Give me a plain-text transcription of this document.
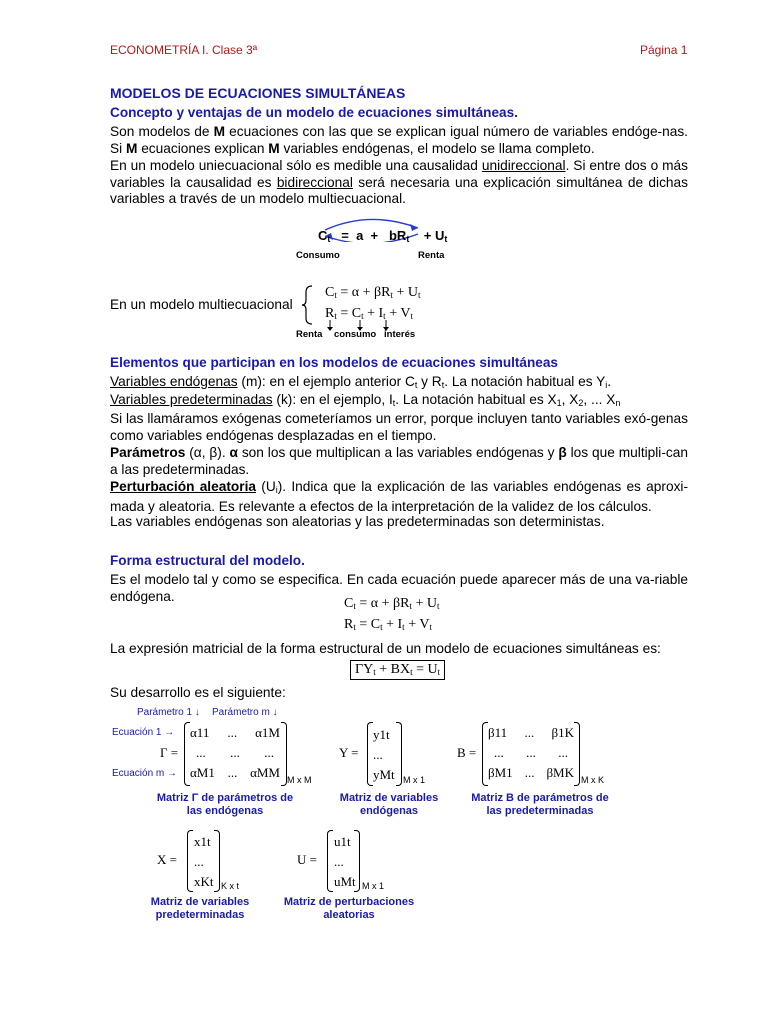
ECONOMETRÍA I. Clase 3ª	Página 1
MODELOS DE ECUACIONES SIMULTÁNEAS
Concepto y ventajas de un modelo de ecuaciones simultáneas.
Son modelos de M ecuaciones con las que se explican igual número de variables endóge-nas. Si M ecuaciones explican M variables endógenas, el modelo se llama completo.
En un modelo uniecuacional sólo es medible una causalidad unidireccional. Si entre dos o más variables la causalidad es bidireccional será necesaria una explicación simultánea de dichas variables a través de un modelo multiecuacional.
$C_t = a + bR_t + U_t$
Consumo	Renta
En un modelo multiecuacional
$C_t = \alpha + \beta R_t + U_t$
$R_t = C_t + I_t + V_t$
Renta consumo interés
Elementos que participan en los modelos de ecuaciones simultáneas
Variables endógenas (m): en el ejemplo anterior $C_t$ y $R_t$. La notación habitual es $Y_i$.
Variables predeterminadas (k): en el ejemplo, $I_t$. La notación habitual es $X_1$, $X_2$, ... $X_n$
Si las llamáramos exógenas cometeríamos un error, porque incluyen tanto variables exó-genas como variables endógenas desplazadas en el tiempo.
Parámetros (α, β). α son los que multiplican a las variables endógenas y β los que multipli-can a las predeterminadas.
Perturbación aleatoria $(U_i)$. Indica que la explicación de las variables endógenas es aproxi-mada y aleatoria. Es relevante a efectos de la interpretación de la validez de los cálculos.
Las variables endógenas son aleatorias y las predeterminadas son deterministas.
Forma estructural del modelo.
Es el modelo tal y como se especifica. En cada ecuación puede aparecer más de una va-riable endógena.	$C_t = \alpha + \beta R_t + U_t$
$R_t = C_t + I_t + V_t$
La expresión matricial de la forma estructural de un modelo de ecuaciones simultáneas es:
$\Gamma Y_t + BX_t = U_t$
Su desarrollo es el siguiente:
Parámetro 1 ↓ Parámetro m ↓
Ecuación 1 →
Ecuación m →
Γ =
α11 ... α1M
... ... ...
αM1 ... αMM M x M
Y =
y1t
...
yMt M x 1
B =
β11 ... β1K
... ... ...
βM1 ... βMK M x K
Matriz Γ de parámetros de las endógenas
Matriz de variables endógenas
Matriz B de parámetros de las predeterminadas
X =
x1t
...
xKt K x t
U =
u1t
...
uMt M x 1
Matriz de variables predeterminadas
Matriz de perturbaciones aleatorias
